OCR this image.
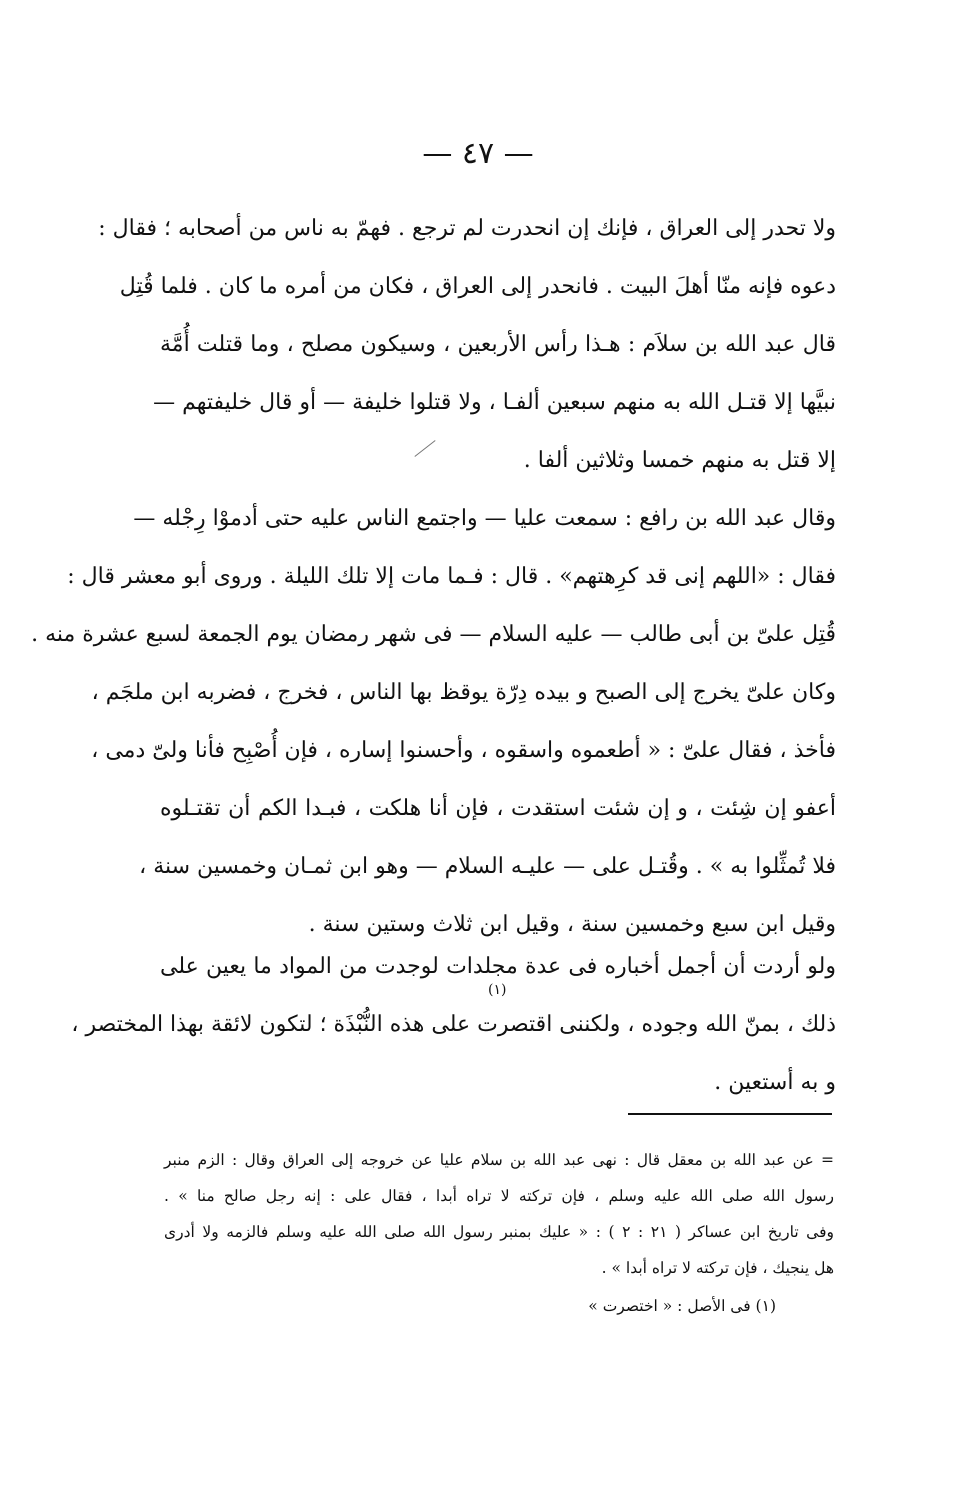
— ٤٧ —
ولا تحدر إلى العراق ، فإنك إن انحدرت لم ترجع . فهمّ به ناس من أصحابه ؛ فقال :
دعوه فإنه منّا أهلَ البيت . فانحدر إلى العراق ، فكان من أمره ما كان . فلما قُتِل
قال عبد الله بن سلاَم : هـذا رأس الأربعين ، وسيكون مصلح ، وما قتلت أُمَّة
نبيَّها إلا قتـل الله به منهم سبعين ألفـا ، ولا قتلوا خليفة — أو قال خليفتهم —
إلا قتل به منهم خمسا وثلاثين ألفا .
وقال عبد الله بن رافع : سمعت عليا — واجتمع الناس عليه حتى أدموْا رِجْله —
فقال : «اللهم إنى قد كرِهتهم» . قال : فـما مات إلا تلك الليلة . وروى أبو معشر قال :
قُتِل علىّ بن أبى طالب — عليه السلام — فى شهر رمضان يوم الجمعة لسبع عشرة منه .
وكان علىّ يخرج إلى الصبح و بيده دِرّة يوقظ بها الناس ، فخرج ، فضربه ابن ملجَم ،
فأخذ ، فقال علىّ : « أطعموه واسقوه ، وأحسنوا إساره ، فإن أُصْبِح فأنا ولىّ دمى ،
أعفو إن شِئت ، و إن شئت استقدت ، فإن أنا هلكت ، فبـدا الكم أن تقتـلوه
فلا تُمثِّلوا به » . وقُتـل على — عليـه السلام — وهو ابن ثمـان وخمسين سنة ،
وقيل ابن سبع وخمسين سنة ، وقيل ابن ثلاث وستين سنة .
(١)
ولو أردت أن أجمل أخباره فى عدة مجلدات لوجدت من المواد ما يعين على
ذلك ، بمنّ الله وجوده ، ولكننى اقتصرت على هذه النُّبْذَة ؛ لتكون لائقة بهذا المختصر ،
و به أستعين .
= عن عبد الله بن معقل قال : نهى عبد الله بن سلام عليا عن خروجه إلى العراق وقال : الزم منبر
رسول الله صلى الله عليه وسلم ، فإن تركته لا تراه أبدا ، فقال على : إنه رجل صالح منا » .
وفى تاريخ ابن عساكر ( ٢١ : ٢ ) : « عليك بمنبر رسول الله صلى الله عليه وسلم فالزمه ولا أدرى
هل ينجيك ، فإن تركته لا تراه أبدا » .
(١) فى الأصل : « اختصرت »
